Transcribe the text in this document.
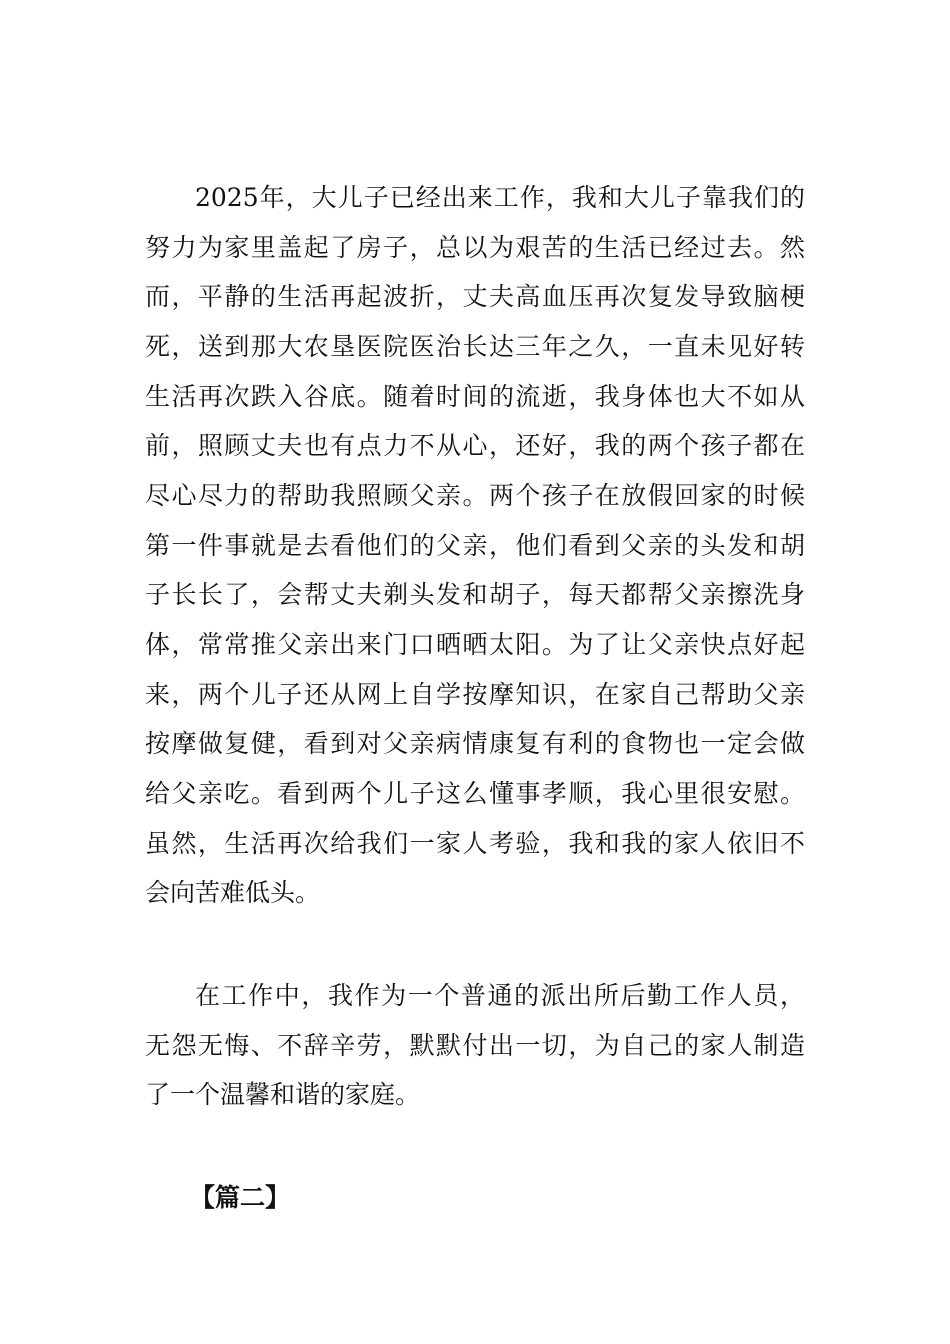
2025年，大儿子已经出来工作，我和大儿子靠我们的
努力为家里盖起了房子，总以为艰苦的生活已经过去。然
而，平静的生活再起波折，丈夫高血压再次复发导致脑梗
死，送到那大农垦医院医治长达三年之久，一直未见好转
生活再次跌入谷底。随着时间的流逝，我身体也大不如从
前，照顾丈夫也有点力不从心，还好，我的两个孩子都在
尽心尽力的帮助我照顾父亲。两个孩子在放假回家的时候
第一件事就是去看他们的父亲，他们看到父亲的头发和胡
子长长了，会帮丈夫剃头发和胡子，每天都帮父亲擦洗身
体，常常推父亲出来门口晒晒太阳。为了让父亲快点好起
来，两个儿子还从网上自学按摩知识，在家自己帮助父亲
按摩做复健，看到对父亲病情康复有利的食物也一定会做
给父亲吃。看到两个儿子这么懂事孝顺，我心里很安慰。
虽然，生活再次给我们一家人考验，我和我的家人依旧不
会向苦难低头。
在工作中，我作为一个普通的派出所后勤工作人员，
无怨无悔、不辞辛劳，默默付出一切，为自己的家人制造
了一个温馨和谐的家庭。
【篇二】
